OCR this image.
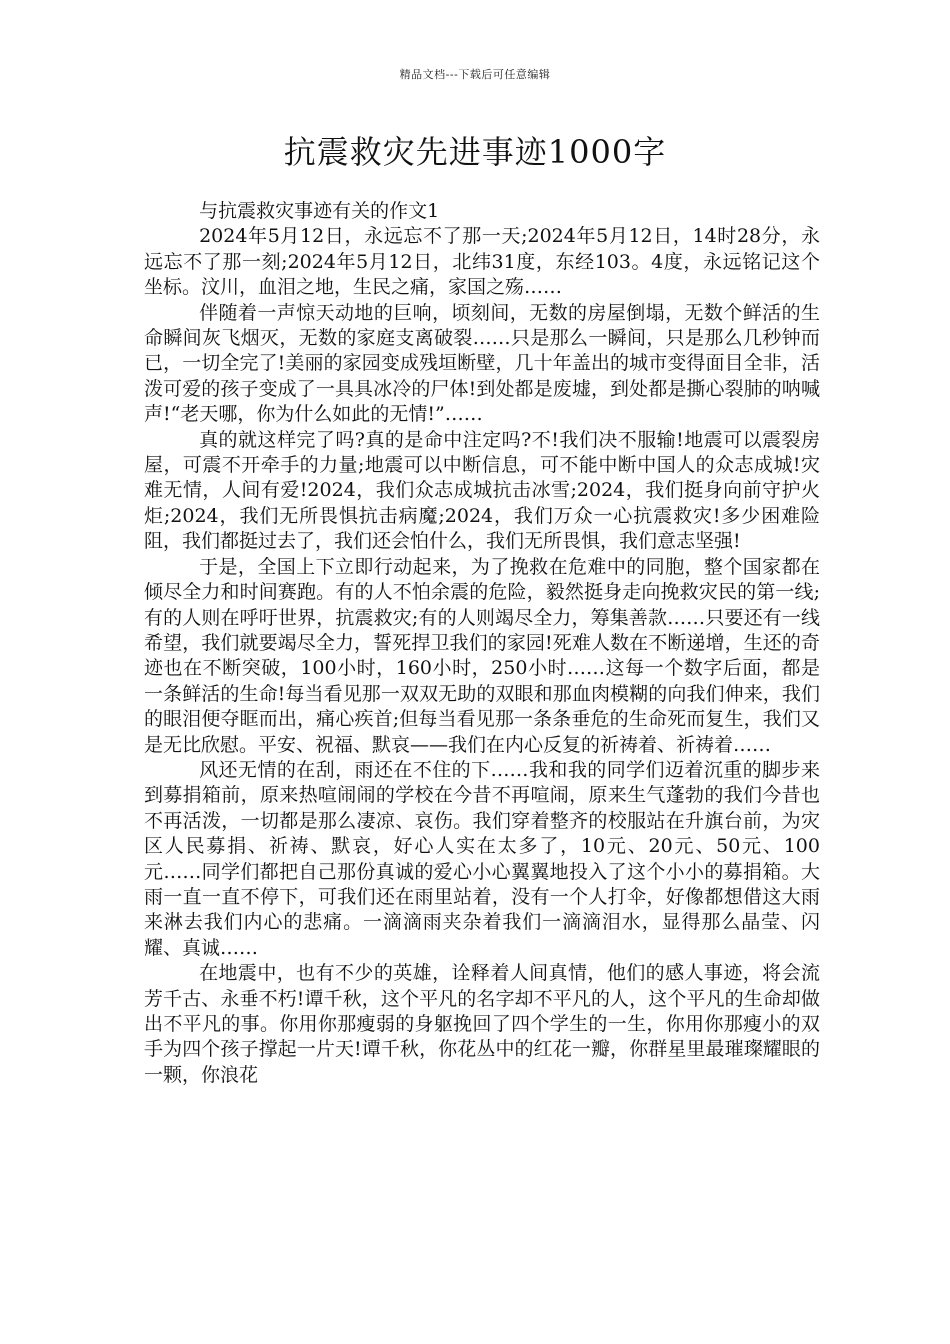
精品文档---下载后可任意编辑
抗震救灾先进事迹1000字

与抗震救灾事迹有关的作文1

2024年5月12日，永远忘不了那一天;2024年5月12日，14时28分，永远忘不了那一刻;2024年5月12日，北纬31度，东经103。4度，永远铭记这个坐标。汶川，血泪之地，生民之痛，家国之殇……

伴随着一声惊天动地的巨响，顷刻间，无数的房屋倒塌，无数个鲜活的生命瞬间灰飞烟灭，无数的家庭支离破裂……只是那么一瞬间，只是那么几秒钟而已，一切全完了!美丽的家园变成残垣断壁，几十年盖出的城市变得面目全非，活泼可爱的孩子变成了一具具冰冷的尸体!到处都是废墟，到处都是撕心裂肺的呐喊声!“老天哪，你为什么如此的无情!”……

真的就这样完了吗?真的是命中注定吗?不!我们决不服输!地震可以震裂房屋，可震不开牵手的力量;地震可以中断信息，可不能中断中国人的众志成城!灾难无情，人间有爱!2024，我们众志成城抗击冰雪;2024，我们挺身向前守护火炬;2024，我们无所畏惧抗击病魔;2024，我们万众一心抗震救灾!多少困难险阻，我们都挺过去了，我们还会怕什么，我们无所畏惧，我们意志坚强!

于是，全国上下立即行动起来，为了挽救在危难中的同胞，整个国家都在倾尽全力和时间赛跑。有的人不怕余震的危险，毅然挺身走向挽救灾民的第一线;有的人则在呼吁世界，抗震救灾;有的人则竭尽全力，筹集善款……只要还有一线希望，我们就要竭尽全力，誓死捍卫我们的家园!死难人数在不断递增，生还的奇迹也在不断突破，100小时，160小时，250小时……这每一个数字后面，都是一条鲜活的生命!每当看见那一双双无助的双眼和那血肉模糊的向我们伸来，我们的眼泪便夺眶而出，痛心疾首;但每当看见那一条条垂危的生命死而复生，我们又是无比欣慰。平安、祝福、默哀——我们在内心反复的祈祷着、祈祷着……

风还无情的在刮，雨还在不住的下……我和我的同学们迈着沉重的脚步来到募捐箱前，原来热喧闹闹的学校在今昔不再喧闹，原来生气蓬勃的我们今昔也不再活泼，一切都是那么凄凉、哀伤。我们穿着整齐的校服站在升旗台前，为灾区人民募捐、祈祷、默哀，好心人实在太多了，10元、20元、50元、100元……同学们都把自己那份真诚的爱心小心翼翼地投入了这个小小的募捐箱。大雨一直一直不停下，可我们还在雨里站着，没有一个人打伞，好像都想借这大雨来淋去我们内心的悲痛。一滴滴雨夹杂着我们一滴滴泪水，显得那么晶莹、闪耀、真诚……

在地震中，也有不少的英雄，诠释着人间真情，他们的感人事迹，将会流芳千古、永垂不朽!谭千秋，这个平凡的名字却不平凡的人，这个平凡的生命却做出不平凡的事。你用你那瘦弱的身躯挽回了四个学生的一生，你用你那瘦小的双手为四个孩子撑起一片天!谭千秋，你花丛中的红花一瓣，你群星里最璀璨耀眼的一颗，你浪花
